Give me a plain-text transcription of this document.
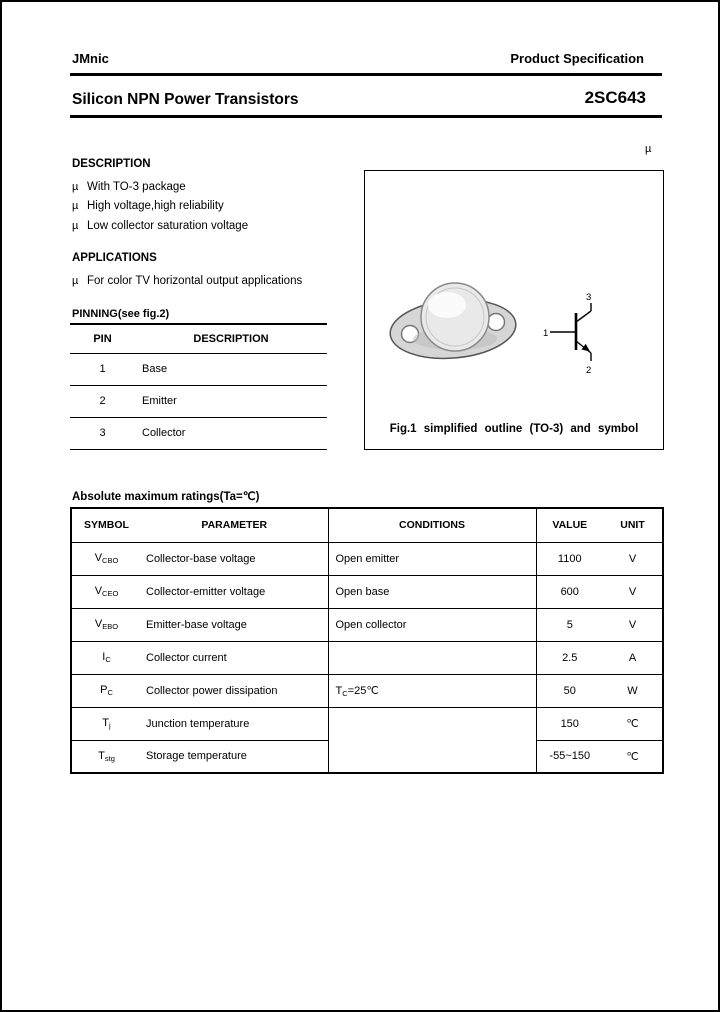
JMnic	Product Specification
Silicon NPN Power Transistors	2SC643
DESCRIPTION
µ With TO-3 package
µ High voltage,high reliability
µ Low collector saturation voltage
APPLICATIONS
µ For color TV horizontal output applications
PINNING(see fig.2)
PIN	DESCRIPTION
1	Base
2	Emitter
3	Collector
µ
1
3
2
Fig.1 simplified outline (TO-3) and symbol
Absolute maximum ratings(Ta=℃)
SYMBOL	PARAMETER	CONDITIONS	VALUE	UNIT
$V_{CBO}$	Collector-base voltage	Open emitter	1100	V
$V_{CEO}$	Collector-emitter voltage	Open base	600	V
$V_{EBO}$	Emitter-base voltage	Open collector	5	V
$I_C$	Collector current		2.5	A
$P_C$	Collector power dissipation	$T_C=25℃$	50	W
$T_j$	Junction temperature		150	℃
$T_{stg}$	Storage temperature		-55~150	℃
